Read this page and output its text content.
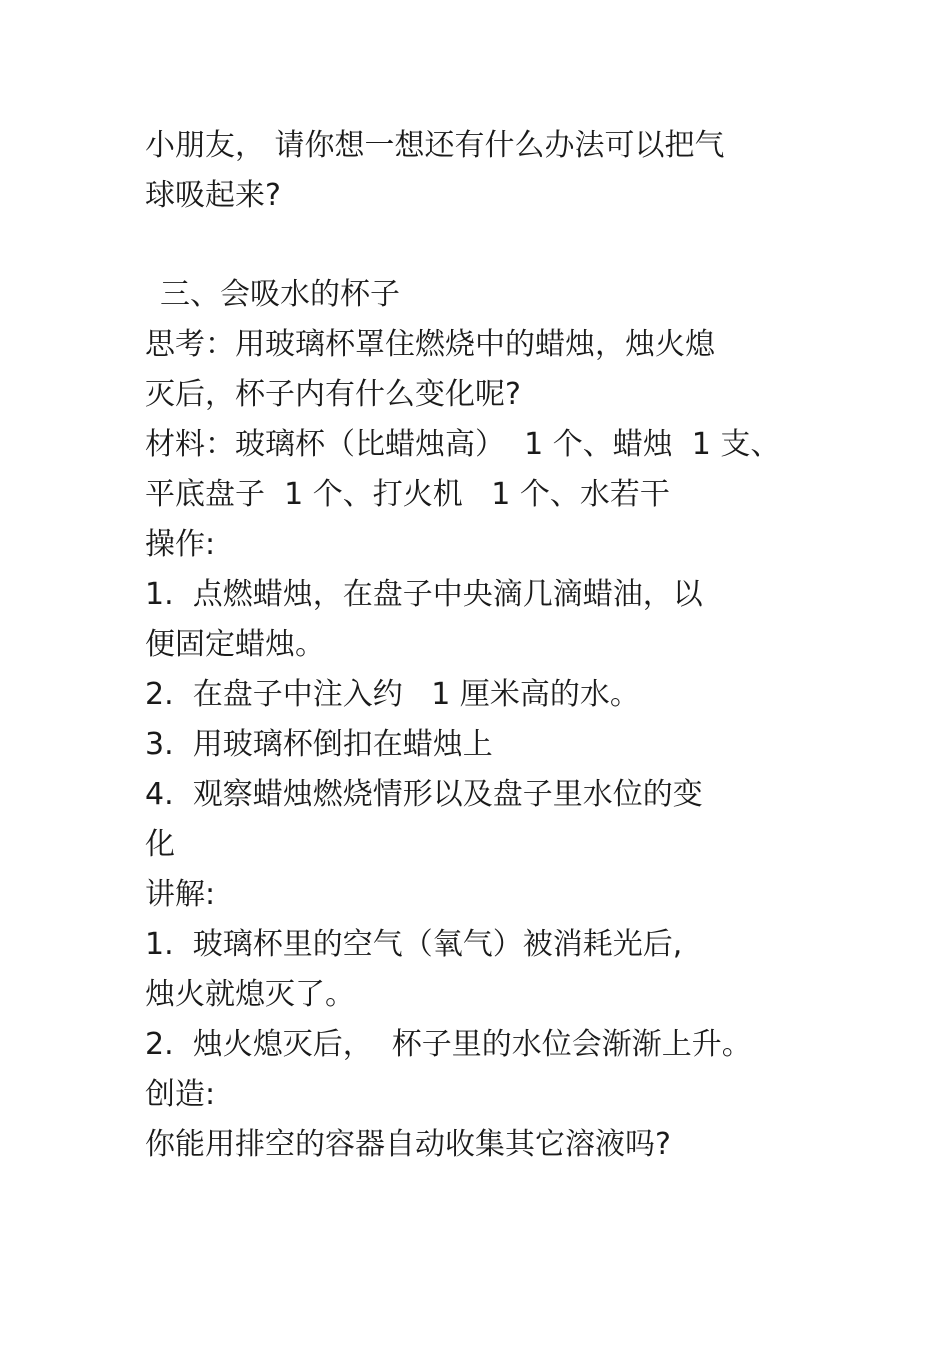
小朋友， 请你想一想还有什么办法可以把气

球吸起来?

三、会吸水的杯子

思考：用玻璃杯罩住燃烧中的蜡烛，烛火熄

灭后，杯子内有什么变化呢?

材料：玻璃杯（比蜡烛高）  1 个、蜡烛  1 支、

平底盘子  1 个、打火机   1 个、水若干

操作:

1.  点燃蜡烛，在盘子中央滴几滴蜡油，以

便固定蜡烛。

2.  在盘子中注入约   1 厘米高的水。

3.  用玻璃杯倒扣在蜡烛上

4.  观察蜡烛燃烧情形以及盘子里水位的变

化

讲解:

1.  玻璃杯里的空气（氧气）被消耗光后,

烛火就熄灭了。

2.  烛火熄灭后，  杯子里的水位会渐渐上升。

创造:

你能用排空的容器自动收集其它溶液吗?
